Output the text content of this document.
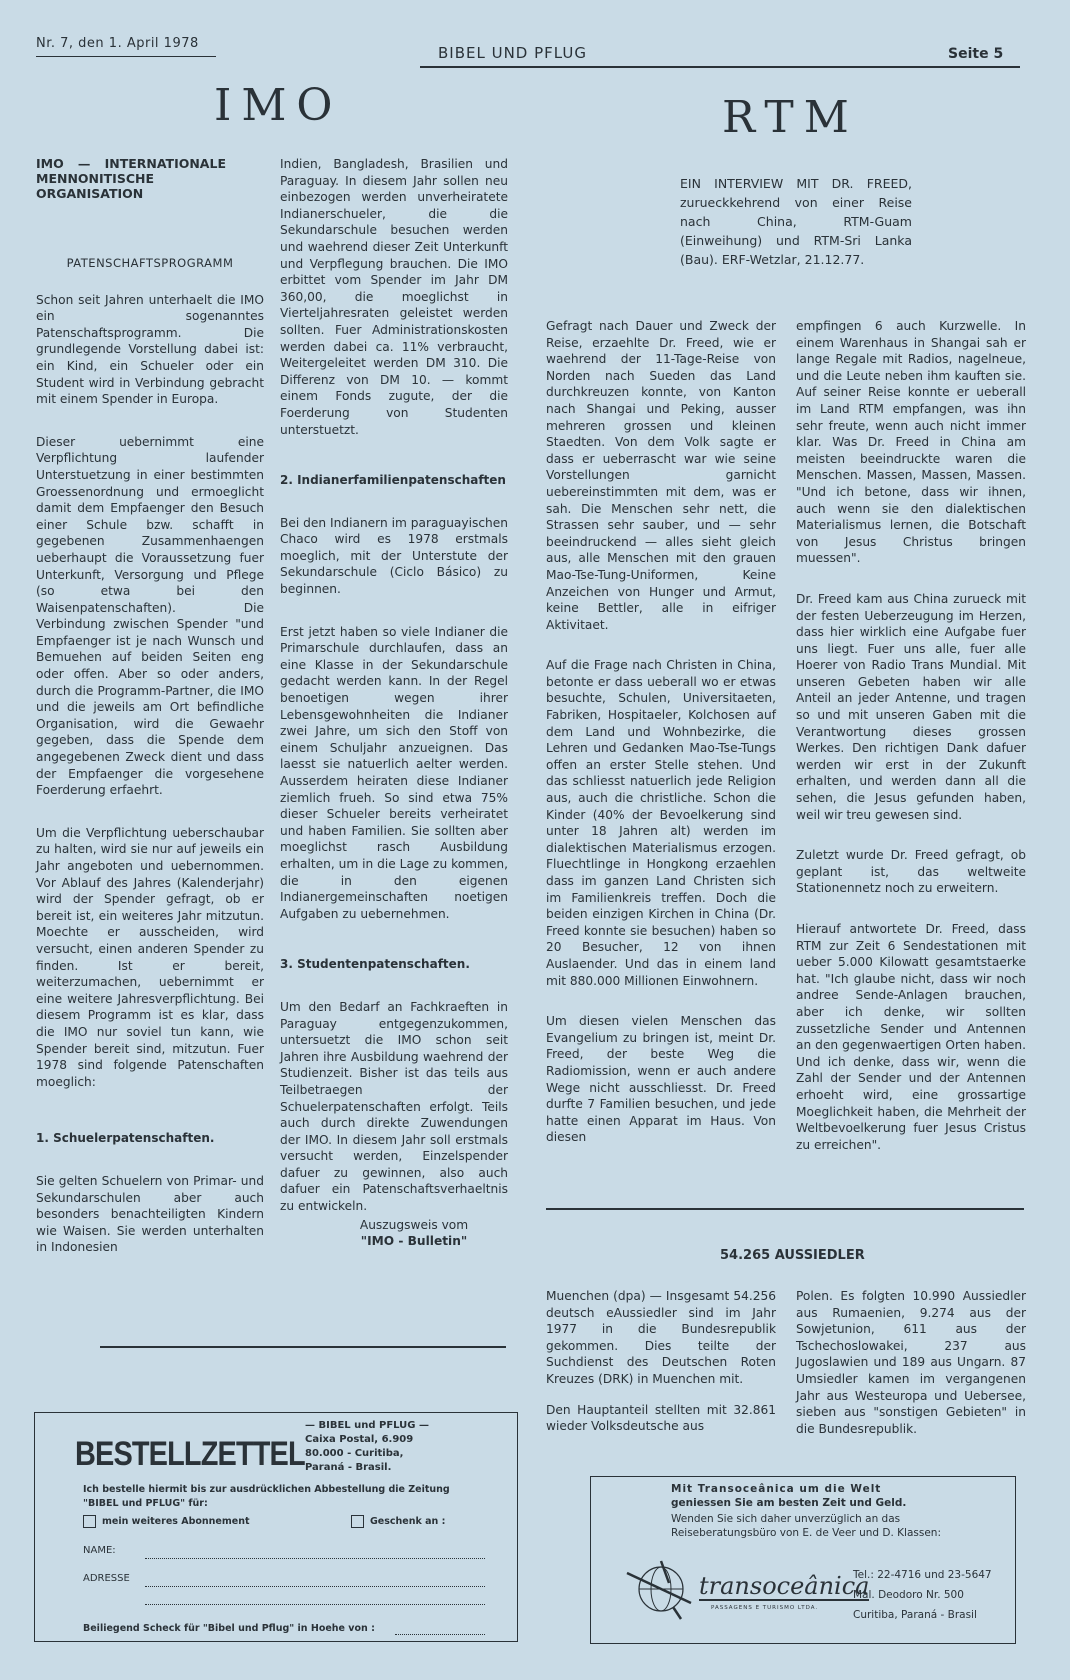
Nr. 7, den 1. April 1978
BIBEL UND PFLUG	Seite 5
IMO
IMO — INTERNATIONALE MENNONITISCHE ORGANISATION
PATENSCHAFTSPROGRAMM

Schon seit Jahren unterhaelt die IMO ein sogenanntes Patenschaftsprogramm. Die grundlegende Vorstellung dabei ist: ein Kind, ein Schueler oder ein Student wird in Verbindung gebracht mit einem Spender in Europa.

Dieser uebernimmt eine Verpflichtung laufender Unterstuetzung in einer bestimmten Groessenordnung und ermoeglicht damit dem Empfaenger den Besuch einer Schule bzw. schafft in gegebenen Zusammenhaengen ueberhaupt die Voraussetzung fuer Unterkunft, Versorgung und Pflege (so etwa bei den Waisenpatenschaften). Die Verbindung zwischen Spender "und Empfaenger ist je nach Wunsch und Bemuehen auf beiden Seiten eng oder offen. Aber so oder anders, durch die Programm-Partner, die IMO und die jeweils am Ort befindliche Organisation, wird die Gewaehr gegeben, dass die Spende dem angegebenen Zweck dient und dass der Empfaenger die vorgesehene Foerderung erfaehrt.

Um die Verpflichtung ueberschaubar zu halten, wird sie nur auf jeweils ein Jahr angeboten und uebernommen. Vor Ablauf des Jahres (Kalenderjahr) wird der Spender gefragt, ob er bereit ist, ein weiteres Jahr mitzutun. Moechte er ausscheiden, wird versucht, einen anderen Spender zu finden. Ist er bereit, weiterzumachen, uebernimmt er eine weitere Jahresverpflichtung. Bei diesem Programm ist es klar, dass die IMO nur soviel tun kann, wie Spender bereit sind, mitzutun. Fuer 1978 sind folgende Patenschaften moeglich:

1. Schuelerpatenschaften.

Sie gelten Schuelern von Primar- und Sekundarschulen aber auch besonders benachteiligten Kindern wie Waisen. Sie werden unterhalten in Indonesien

Indien, Bangladesh, Brasilien und Paraguay. In diesem Jahr sollen neu einbezogen werden unverheiratete Indianerschueler, die die Sekundarschule besuchen werden und waehrend dieser Zeit Unterkunft und Verpflegung brauchen. Die IMO erbittet vom Spender im Jahr DM 360,00, die moeglichst in Vierteljahresraten geleistet werden sollten. Fuer Administrationskosten werden dabei ca. 11% verbraucht, Weitergeleitet werden DM 310. Die Differenz von DM 10. — kommt einem Fonds zugute, der die Foerderung von Studenten unterstuetzt.

2. Indianerfamilienpatenschaften

Bei den Indianern im paraguayischen Chaco wird es 1978 erstmals moeglich, mit der Unterstute der Sekundarschule (Ciclo Básico) zu beginnen.

Erst jetzt haben so viele Indianer die Primarschule durchlaufen, dass an eine Klasse in der Sekundarschule gedacht werden kann. In der Regel benoetigen wegen ihrer Lebensgewohnheiten die Indianer zwei Jahre, um sich den Stoff von einem Schuljahr anzueignen. Das laesst sie natuerlich aelter werden. Ausserdem heiraten diese Indianer ziemlich frueh. So sind etwa 75% dieser Schueler bereits verheiratet und haben Familien. Sie sollten aber moeglichst rasch Ausbildung erhalten, um in die Lage zu kommen, die in den eigenen Indianergemeinschaften noetigen Aufgaben zu uebernehmen.

3. Studentenpatenschaften.

Um den Bedarf an Fachkraeften in Paraguay entgegenzukommen, untersuetzt die IMO schon seit Jahren ihre Ausbildung waehrend der Studienzeit. Bisher ist das teils aus Teilbetraegen der Schuelerpatenschaften erfolgt. Teils auch durch direkte Zuwendungen der IMO. In diesem Jahr soll erstmals versucht werden, Einzelspender dafuer zu gewinnen, also auch dafuer ein Patenschaftsverhaeltnis zu entwickeln.

Auszugsweis vom
"IMO - Bulletin"
RTM
EIN INTERVIEW MIT DR. FREED, zurueckkehrend von einer Reise nach China, RTM-Guam (Einweihung) und RTM-Sri Lanka (Bau). ERF-Wetzlar, 21.12.77.

Gefragt nach Dauer und Zweck der Reise, erzaehlte Dr. Freed, wie er waehrend der 11-Tage-Reise von Norden nach Sueden das Land durchkreuzen konnte, von Kanton nach Shangai und Peking, ausser mehreren grossen und kleinen Staedten. Von dem Volk sagte er dass er ueberrascht war wie seine Vorstellungen garnicht uebereinstimmten mit dem, was er sah. Die Menschen sehr nett, die Strassen sehr sauber, und — sehr beeindruckend — alles sieht gleich aus, alle Menschen mit den grauen Mao-Tse-Tung-Uniformen, Keine Anzeichen von Hunger und Armut, keine Bettler, alle in eifriger Aktivitaet.

Auf die Frage nach Christen in China, betonte er dass ueberall wo er etwas besuchte, Schulen, Universitaeten, Fabriken, Hospitaeler, Kolchosen auf dem Land und Wohnbezirke, die Lehren und Gedanken Mao-Tse-Tungs offen an erster Stelle stehen. Und das schliesst natuerlich jede Religion aus, auch die christliche. Schon die Kinder (40% der Bevoelkerung sind unter 18 Jahren alt) werden im dialektischen Materialismus erzogen. Fluechtlinge in Hongkong erzaehlen dass im ganzen Land Christen sich im Familienkreis treffen. Doch die beiden einzigen Kirchen in China (Dr. Freed konnte sie besuchen) haben so 20 Besucher, 12 von ihnen Auslaender. Und das in einem land mit 880.000 Millionen Einwohnern.

Um diesen vielen Menschen das Evangelium zu bringen ist, meint Dr. Freed, der beste Weg die Radiomission, wenn er auch andere Wege nicht ausschliesst. Dr. Freed durfte 7 Familien besuchen, und jede hatte einen Apparat im Haus. Von diesen

empfingen 6 auch Kurzwelle. In einem Warenhaus in Shangai sah er lange Regale mit Radios, nagelneue, und die Leute neben ihm kauften sie. Auf seiner Reise konnte er ueberall im Land RTM empfangen, was ihn sehr freute, wenn auch nicht immer klar. Was Dr. Freed in China am meisten beeindruckte waren die Menschen. Massen, Massen, Massen. "Und ich betone, dass wir ihnen, auch wenn sie den dialektischen Materialismus lernen, die Botschaft von Jesus Christus bringen muessen".

Dr. Freed kam aus China zurueck mit der festen Ueberzeugung im Herzen, dass hier wirklich eine Aufgabe fuer uns liegt. Fuer uns alle, fuer alle Hoerer von Radio Trans Mundial. Mit unseren Gebeten haben wir alle Anteil an jeder Antenne, und tragen so und mit unseren Gaben mit die Verantwortung dieses grossen Werkes. Den richtigen Dank dafuer werden wir erst in der Zukunft erhalten, und werden dann all die sehen, die Jesus gefunden haben, weil wir treu gewesen sind.

Zuletzt wurde Dr. Freed gefragt, ob geplant ist, das weltweite Stationennetz noch zu erweitern.

Hierauf antwortete Dr. Freed, dass RTM zur Zeit 6 Sendestationen mit ueber 5.000 Kilowatt gesamtstaerke hat. "Ich glaube nicht, dass wir noch andree Sende-Anlagen brauchen, aber ich denke, wir sollten zussetzliche Sender und Antennen an den gegenwaertigen Orten haben. Und ich denke, dass wir, wenn die Zahl der Sender und der Antennen erhoeht wird, eine grossartige Moeglichkeit haben, die Mehrheit der Weltbevoelkerung fuer Jesus Cristus zu erreichen".

54.265 AUSSIEDLER

Muenchen (dpa) — Insgesamt 54.256 deutsch eAussiedler sind im Jahr 1977 in die Bundesrepublik gekommen. Dies teilte der Suchdienst des Deutschen Roten Kreuzes (DRK) in Muenchen mit.

Den Hauptanteil stellten mit 32.861 wieder Volksdeutsche aus

Polen. Es folgten 10.990 Aussiedler aus Rumaenien, 9.274 aus der Sowjetunion, 611 aus der Tschechoslowakei, 237 aus Jugoslawien und 189 aus Ungarn. 87 Umsiedler kamen im vergangenen Jahr aus Westeuropa und Uebersee, sieben aus "sonstigen Gebieten" in die Bundesrepublik.

BESTELLZETTEL
— BIBEL und PFLUG —
Caixa Postal, 6.909
80.000 - Curitiba,
Paraná - Brasil.
Ich bestelle hiermit bis zur ausdrücklichen Abbestellung die Zeitung
"BIBEL und PFLUG" für:
mein weiteres Abonnement	Geschenk an :
NAME:
ADRESSE
Beiliegend Scheck für "Bibel und Pflug" in Hoehe von :
Mit Transoceânica um die Welt
geniessen Sie am besten Zeit und Geld.
Wenden Sie sich daher unverzüglich an das
Reiseberatungsbüro von E. de Veer und D. Klassen:
transoceânica
PASSAGENS E TURISMO LTDA.
Tel.: 22-4716 und 23-5647
Mal. Deodoro Nr. 500
Curitiba, Paraná - Brasil
